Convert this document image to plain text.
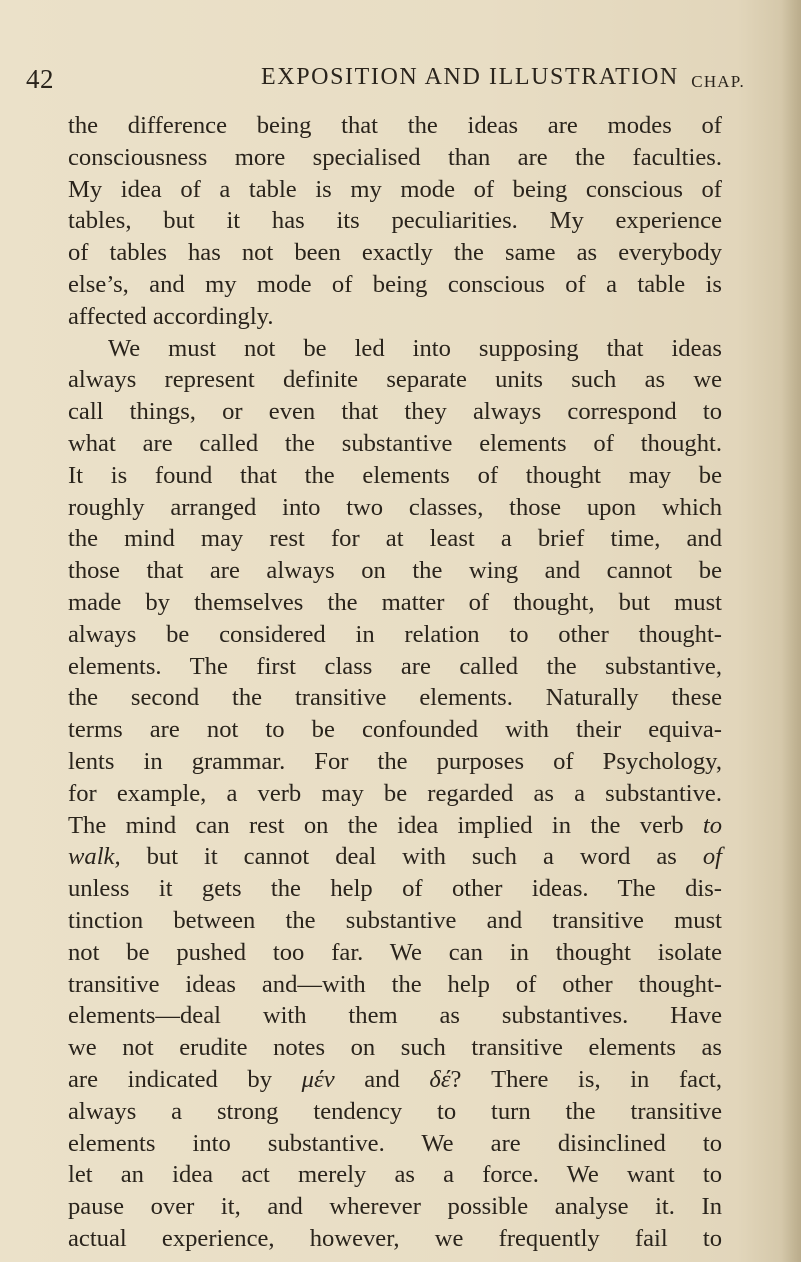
42	EXPOSITION AND ILLUSTRATION CHAP.
the difference being that the ideas are modes of
consciousness more specialised than are the faculties.
My idea of a table is my mode of being conscious of
tables, but it has its peculiarities. My experience
of tables has not been exactly the same as everybody
else’s, and my mode of being conscious of a table is
affected accordingly.
We must not be led into supposing that ideas
always represent definite separate units such as we
call things, or even that they always correspond to
what are called the substantive elements of thought.
It is found that the elements of thought may be
roughly arranged into two classes, those upon which
the mind may rest for at least a brief time, and
those that are always on the wing and cannot be
made by themselves the matter of thought, but must
always be considered in relation to other thought-
elements. The first class are called the substantive,
the second the transitive elements. Naturally these
terms are not to be confounded with their equiva-
lents in grammar. For the purposes of Psychology,
for example, a verb may be regarded as a substantive.
The mind can rest on the idea implied in the verb to
walk, but it cannot deal with such a word as of
unless it gets the help of other ideas. The dis-
tinction between the substantive and transitive must
not be pushed too far. We can in thought isolate
transitive ideas and—with the help of other thought-
elements—deal with them as substantives. Have
we not erudite notes on such transitive elements as
are indicated by μέν and δέ? There is, in fact,
always a strong tendency to turn the transitive
elements into substantive. We are disinclined to
let an idea act merely as a force. We want to
pause over it, and wherever possible analyse it. In
actual experience, however, we frequently fail to
